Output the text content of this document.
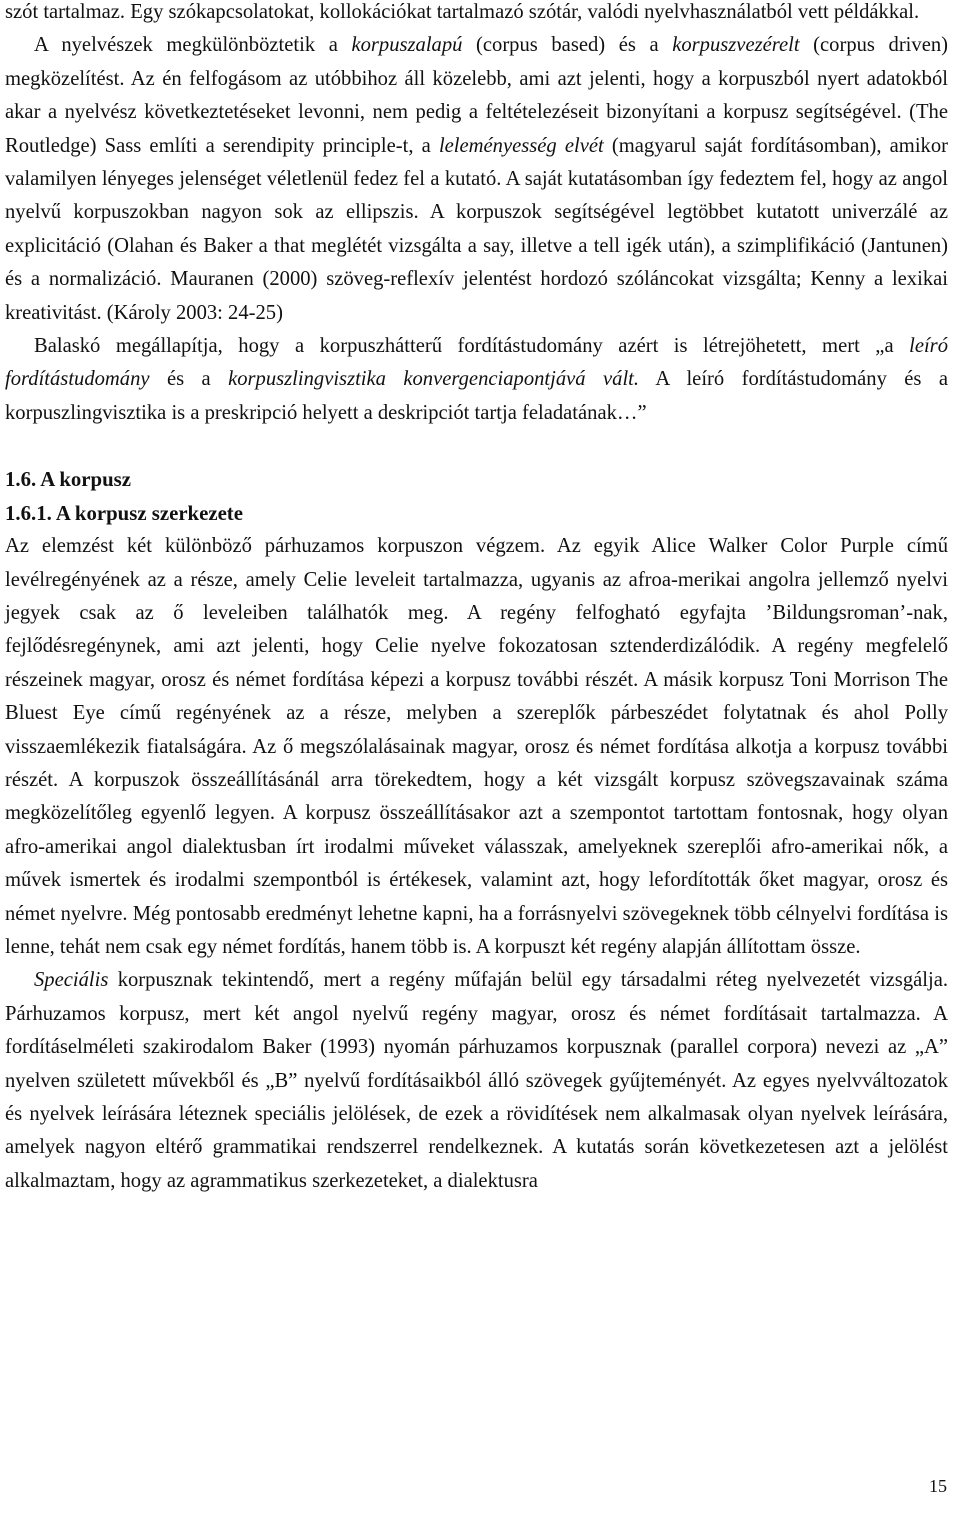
szót tartalmaz. Egy szókapcsolatokat, kollokációkat tartalmazó szótár, valódi nyelvhasználatból vett példákkal.

A nyelvészek megkülönböztetik a korpuszalapú (corpus based) és a korpuszvezérelt (corpus driven) megközelítést. Az én felfogásom az utóbbihoz áll közelebb, ami azt jelenti, hogy a korpuszból nyert adatokból akar a nyelvész következtetéseket levonni, nem pedig a feltételezéseit bizonyítani a korpusz segítségével. (The Routledge) Sass említi a serendipity principle-t, a leleményesség elvét (magyarul saját fordításomban), amikor valamilyen lényeges jelenséget véletlenül fedez fel a kutató. A saját kutatásomban így fedeztem fel, hogy az angol nyelvű korpuszokban nagyon sok az ellipszis. A korpuszok segítségével legtöbbet kutatott univerzálé az explicitáció (Olahan és Baker a that meglétét vizsgálta a say, illetve a tell igék után), a szimplifikáció (Jantunen) és a normalizáció. Mauranen (2000) szöveg-reflexív jelentést hordozó szóláncokat vizsgálta; Kenny a lexikai kreativitást. (Károly 2003: 24-25)

Balaskó megállapítja, hogy a korpuszhátterű fordítástudomány azért is létrejöhetett, mert „a leíró fordítástudomány és a korpuszlingvisztika konvergenciapontjává vált. A leíró fordítástudomány és a korpuszlingvisztika is a preskripció helyett a deskripciót tartja feladatának…”

1.6. A korpusz

1.6.1. A korpusz szerkezete

Az elemzést két különböző párhuzamos korpuszon végzem. Az egyik Alice Walker Color Purple című levélregényének az a része, amely Celie leveleit tartalmazza, ugyanis az afroa-merikai angolra jellemző nyelvi jegyek csak az ő leveleiben találhatók meg. A regény felfogható egyfajta ’Bildungsroman’-nak, fejlődésregénynek, ami azt jelenti, hogy Celie nyelve fokozatosan sztenderdizálódik. A regény megfelelő részeinek magyar, orosz és német fordítása képezi a korpusz további részét. A másik korpusz Toni Morrison The Bluest Eye című regényének az a része, melyben a szereplők párbeszédet folytatnak és ahol Polly visszaemlékezik fiatalságára. Az ő megszólalásainak magyar, orosz és német fordítása alkotja a korpusz további részét. A korpuszok összeállításánál arra törekedtem, hogy a két vizsgált korpusz szövegszavainak száma megközelítőleg egyenlő legyen. A korpusz összeállításakor azt a szempontot tartottam fontosnak, hogy olyan afro-amerikai angol dialektusban írt irodalmi műveket válasszak, amelyeknek szereplői afro-amerikai nők, a művek ismertek és irodalmi szempontból is értékesek, valamint azt, hogy lefordították őket magyar, orosz és német nyelvre. Még pontosabb eredményt lehetne kapni, ha a forrásnyelvi szövegeknek több célnyelvi fordítása is lenne, tehát nem csak egy német fordítás, hanem több is. A korpuszt két regény alapján állítottam össze.

Speciális korpusznak tekintendő, mert a regény műfaján belül egy társadalmi réteg nyelvezetét vizsgálja. Párhuzamos korpusz, mert két angol nyelvű regény magyar, orosz és német fordításait tartalmazza. A fordításelméleti szakirodalom Baker (1993) nyomán párhuzamos korpusznak (parallel corpora) nevezi az „A” nyelven született művekből és „B” nyelvű fordításaikból álló szövegek gyűjteményét. Az egyes nyelvváltozatok és nyelvek leírására léteznek speciális jelölések, de ezek a rövidítések nem alkalmasak olyan nyelvek leírására, amelyek nagyon eltérő grammatikai rendszerrel rendelkeznek. A kutatás során következetesen azt a jelölést alkalmaztam, hogy az agrammatikus szerkezeteket, a dialektusra

15
